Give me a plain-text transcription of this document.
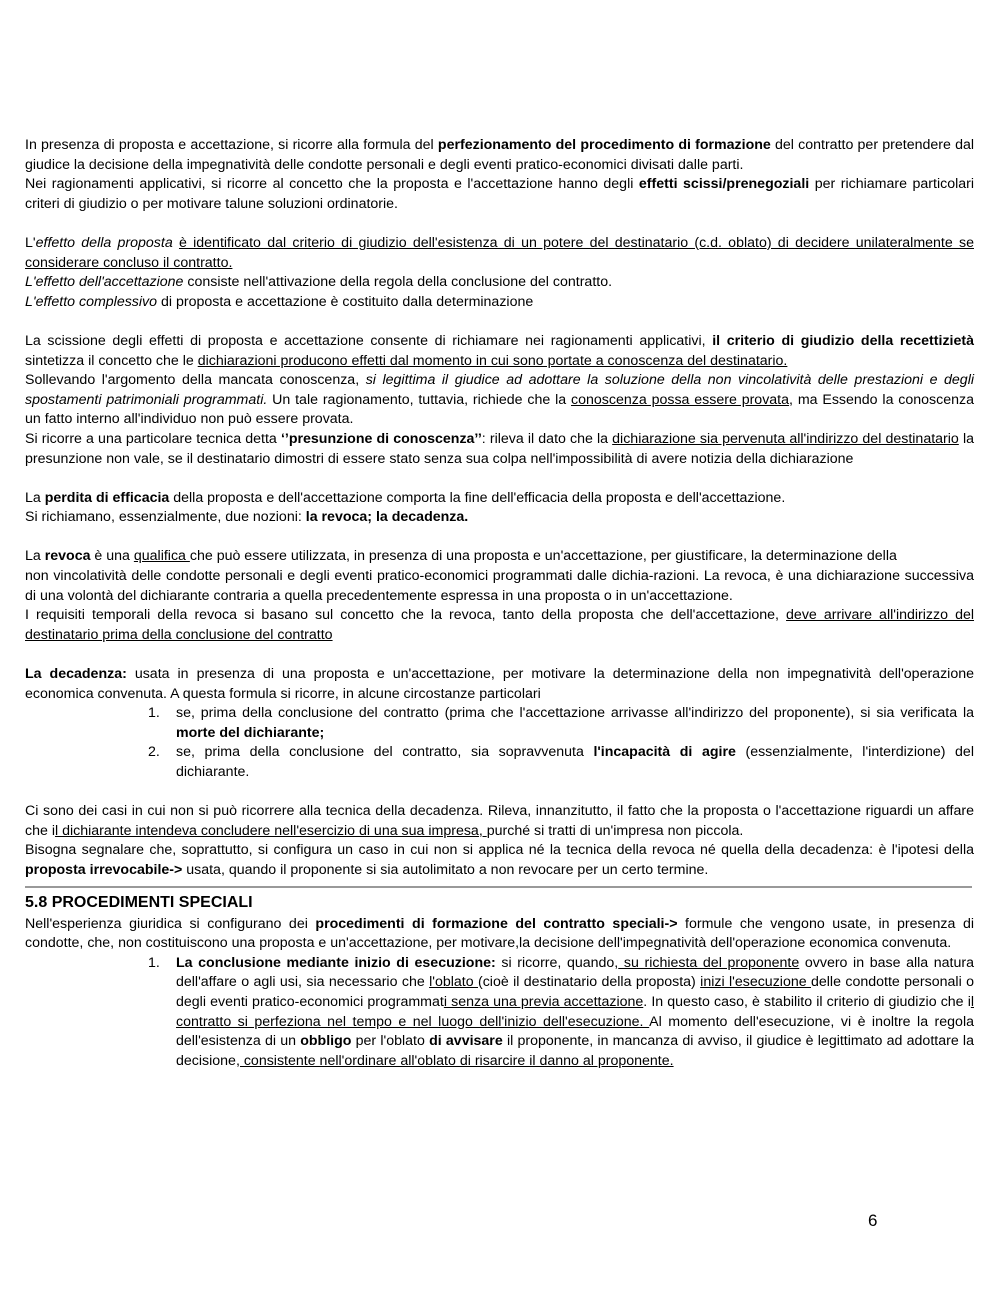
In presenza di proposta e accettazione, si ricorre alla formula del perfezionamento del procedimento di formazione del contratto per pretendere dal giudice la decisione della impegnatività delle condotte personali e degli eventi pratico-economici divisati dalle parti.

Nei ragionamenti applicativi, si ricorre al concetto che la proposta e l'accettazione hanno degli effetti scissi/prenegoziali per richiamare particolari criteri di giudizio o per motivare talune soluzioni ordinatorie.

L'effetto della proposta è identificato dal criterio di giudizio dell'esistenza di un potere del destinatario (c.d. oblato) di decidere unilateralmente se considerare concluso il contratto.

L'effetto dell'accettazione consiste nell'attivazione della regola della conclusione del contratto.

L'effetto complessivo di proposta e accettazione è costituito dalla determinazione

La scissione degli effetti di proposta e accettazione consente di richiamare nei ragionamenti applicativi, il criterio di giudizio della recettizietà sintetizza il concetto che le dichiarazioni producono effetti dal momento in cui sono portate a conoscenza del destinatario.

Sollevando l'argomento della mancata conoscenza, si legittima il giudice ad adottare la soluzione della non vincolatività delle prestazioni e degli spostamenti patrimoniali programmati. Un tale ragionamento, tuttavia, richiede che la conoscenza possa essere provata, ma Essendo la conoscenza un fatto interno all'individuo non può essere provata.

Si ricorre a una particolare tecnica detta ‘’presunzione di conoscenza’’: rileva il dato che la dichiarazione sia pervenuta all'indirizzo del destinatario la presunzione non vale, se il destinatario dimostri di essere stato senza sua colpa nell'impossibilità di avere notizia della dichiarazione

La perdita di efficacia della proposta e dell'accettazione comporta la fine dell'efficacia della proposta e dell'accettazione.

Si richiamano, essenzialmente, due nozioni: la revoca; la decadenza.

La revoca è una qualifica che può essere utilizzata, in presenza di una proposta e un'accettazione, per giustificare, la determinazione della

non vincolatività delle condotte personali e degli eventi pratico-economici programmati dalle dichia-razioni. La revoca, è una dichiarazione successiva di una volontà del dichiarante contraria a quella precedentemente espressa in una proposta o in un'accettazione.

I requisiti temporali della revoca si basano sul concetto che la revoca, tanto della proposta che dell'accettazione, deve arrivare all'indirizzo del destinatario prima della conclusione del contratto

La decadenza: usata in presenza di una proposta e un'accettazione, per motivare la determinazione della non impegnatività dell'operazione economica convenuta. A questa formula si ricorre, in alcune circostanze particolari

1. se, prima della conclusione del contratto (prima che l'accettazione arrivasse all'indirizzo del proponente), si sia verificata la morte del dichiarante;
2. se, prima della conclusione del contratto, sia sopravvenuta l'incapacità di agire (essenzialmente, l'interdizione) del dichiarante.

Ci sono dei casi in cui non si può ricorrere alla tecnica della decadenza. Rileva, innanzitutto, il fatto che la proposta o l'accettazione riguardi un affare che il dichiarante intendeva concludere nell'esercizio di una sua impresa, purché si tratti di un'impresa non piccola.

Bisogna segnalare che, soprattutto, si configura un caso in cui non si applica né la tecnica della revoca né quella della decadenza: è l'ipotesi della proposta irrevocabile-> usata, quando il proponente si sia autolimitato a non revocare per un certo termine.

5.8 PROCEDIMENTI SPECIALI

Nell'esperienza giuridica si configurano dei procedimenti di formazione del contratto speciali-> formule che vengono usate, in presenza di condotte, che, non costituiscono una proposta e un'accettazione, per motivare,la decisione dell'impegnatività dell'operazione economica convenuta.

1. La conclusione mediante inizio di esecuzione: si ricorre, quando, su richiesta del proponente ovvero in base alla natura dell'affare o agli usi, sia necessario che l'oblato (cioè il destinatario della proposta) inizi l'esecuzione delle condotte personali o degli eventi pratico-economici programmati senza una previa accettazione. In questo caso, è stabilito il criterio di giudizio che il contratto si perfeziona nel tempo e nel luogo dell'inizio dell'esecuzione. Al momento dell'esecuzione, vi è inoltre la regola dell'esistenza di un obbligo per l'oblato di avvisare il proponente, in mancanza di avviso, il giudice è legittimato ad adottare la decisione, consistente nell'ordinare all'oblato di risarcire il danno al proponente.
6
